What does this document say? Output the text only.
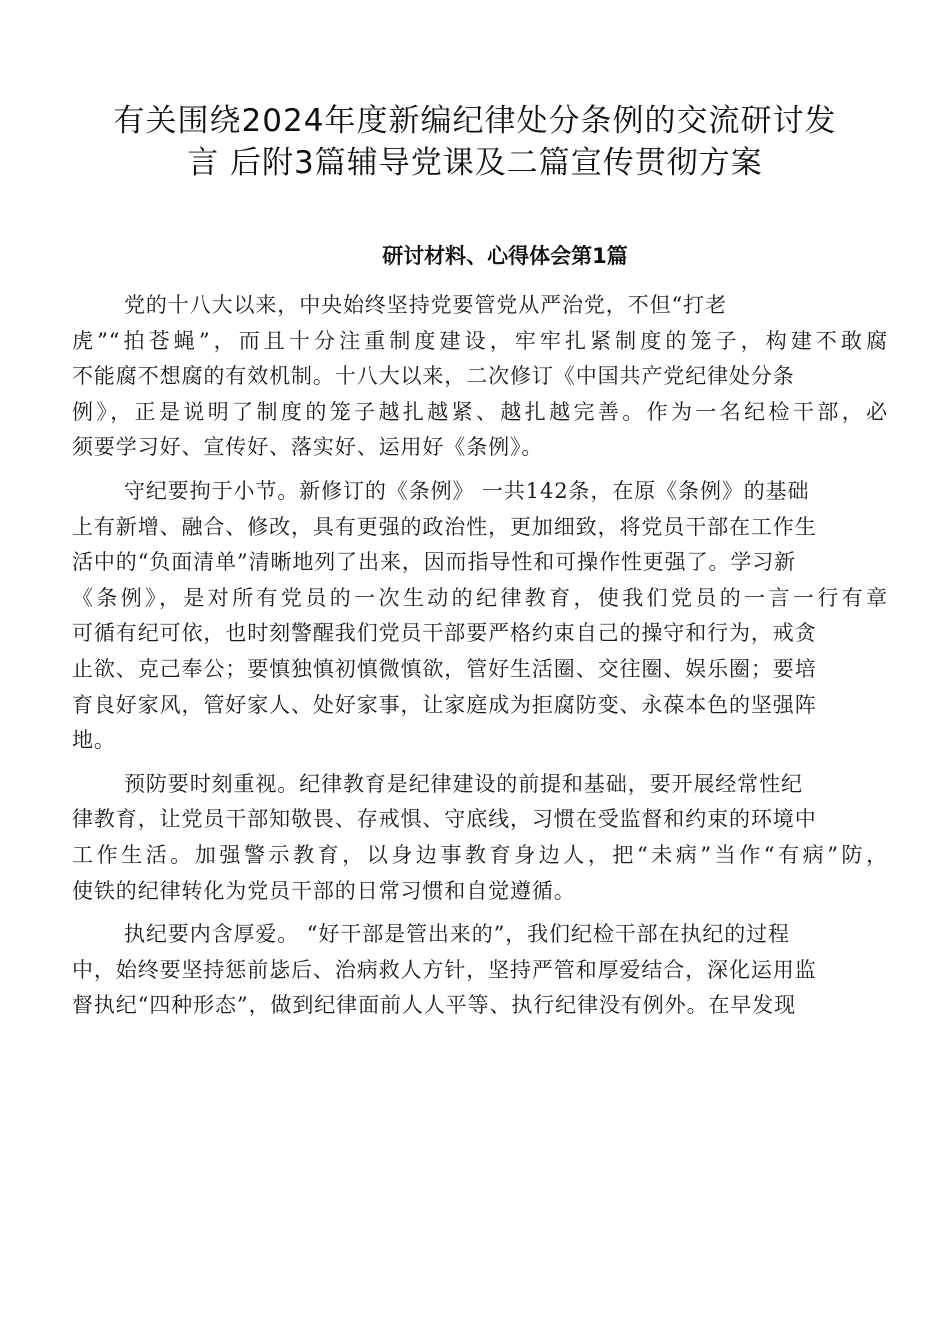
有关围绕2024年度新编纪律处分条例的交流研讨发
言 后附3篇辅导党课及二篇宣传贯彻方案
研讨材料、心得体会第1篇
党的十八大以来，中央始终坚持党要管党从严治党，不但“打老
虎”“拍苍蝇”，而且十分注重制度建设，牢牢扎紧制度的笼子，构建不敢腐
不能腐不想腐的有效机制。十八大以来，二次修订《中国共产党纪律处分条
例》，正是说明了制度的笼子越扎越紧、越扎越完善。作为一名纪检干部，必
须要学习好、宣传好、落实好、运用好《条例》。
守纪要拘于小节。新修订的《条例》 一共142条，在原《条例》的基础
上有新增、融合、修改，具有更强的政治性，更加细致，将党员干部在工作生
活中的“负面清单”清晰地列了出来，因而指导性和可操作性更强了。学习新
《条例》，是对所有党员的一次生动的纪律教育，使我们党员的一言一行有章
可循有纪可依，也时刻警醒我们党员干部要严格约束自己的操守和行为，戒贪
止欲、克己奉公；要慎独慎初慎微慎欲，管好生活圈、交往圈、娱乐圈；要培
育良好家风，管好家人、处好家事，让家庭成为拒腐防变、永葆本色的坚强阵
地。
预防要时刻重视。纪律教育是纪律建设的前提和基础，要开展经常性纪
律教育，让党员干部知敬畏、存戒惧、守底线，习惯在受监督和约束的环境中
工作生活。加强警示教育，以身边事教育身边人，把“未病”当作“有病”防，
使铁的纪律转化为党员干部的日常习惯和自觉遵循。
执纪要内含厚爱。 “好干部是管出来的”，我们纪检干部在执纪的过程
中，始终要坚持惩前毖后、治病救人方针，坚持严管和厚爱结合，深化运用监
督执纪“四种形态”，做到纪律面前人人平等、执行纪律没有例外。在早发现
